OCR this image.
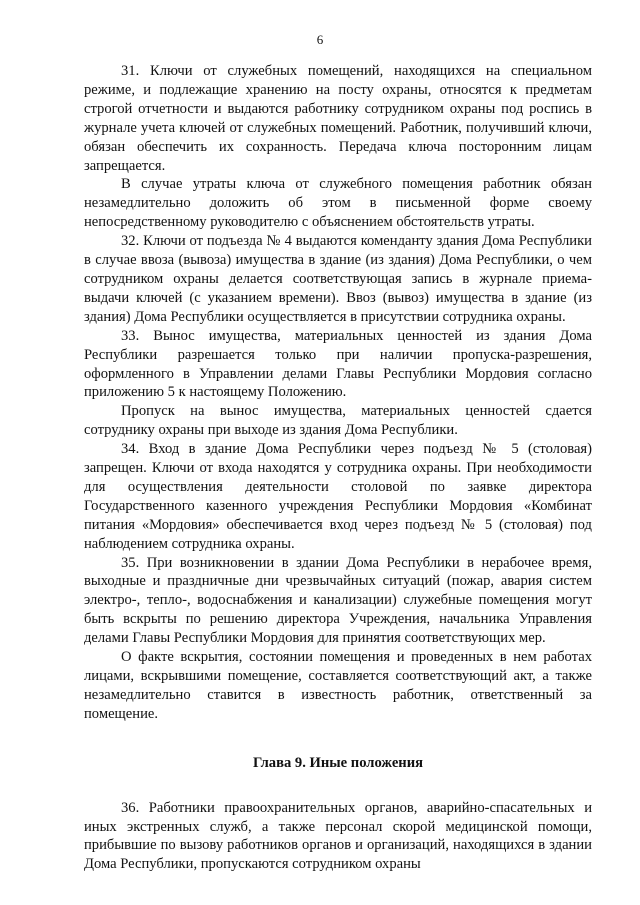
6

31. Ключи от служебных помещений, находящихся на специальном режиме, и подлежащие хранению на посту охраны, относятся к предметам строгой отчетности и выдаются работнику сотрудником охраны под роспись в журнале учета ключей от служебных помещений. Работник, получивший ключи, обязан обеспечить их сохранность. Передача ключа посторонним лицам запрещается.

В случае утраты ключа от служебного помещения работник обязан незамедлительно доложить об этом в письменной форме своему непосредственному руководителю с объяснением обстоятельств утраты.

32. Ключи от подъезда № 4 выдаются коменданту здания Дома Республики в случае ввоза (вывоза) имущества в здание (из здания) Дома Республики, о чем сотрудником охраны делается соответствующая запись в журнале приема-выдачи ключей (с указанием времени). Ввоз (вывоз) имущества в здание (из здания) Дома Республики осуществляется в присутствии сотрудника охраны.

33. Вынос имущества, материальных ценностей из здания Дома Республики разрешается только при наличии пропуска-разрешения, оформленного в Управлении делами Главы Республики Мордовия согласно приложению 5 к настоящему Положению.

Пропуск на вынос имущества, материальных ценностей сдается сотруднику охраны при выходе из здания Дома Республики.

34. Вход в здание Дома Республики через подъезд № 5 (столовая) запрещен. Ключи от входа находятся у сотрудника охраны. При необходимости для осуществления деятельности столовой по заявке директора Государственного казенного учреждения Республики Мордовия «Комбинат питания «Мордовия» обеспечивается вход через подъезд № 5 (столовая) под наблюдением сотрудника охраны.

35. При возникновении в здании Дома Республики в нерабочее время, выходные и праздничные дни чрезвычайных ситуаций (пожар, авария систем электро-, тепло-, водоснабжения и канализации) служебные помещения могут быть вскрыты по решению директора Учреждения, начальника Управления делами Главы Республики Мордовия для принятия соответствующих мер.

О факте вскрытия, состоянии помещения и проведенных в нем работах лицами, вскрывшими помещение, составляется соответствующий акт, а также незамедлительно ставится в известность работник, ответственный за помещение.

Глава 9. Иные положения

36. Работники правоохранительных органов, аварийно-спасательных и иных экстренных служб, а также персонал скорой медицинской помощи, прибывшие по вызову работников органов и организаций, находящихся в здании Дома Республики, пропускаются сотрудником охраны
